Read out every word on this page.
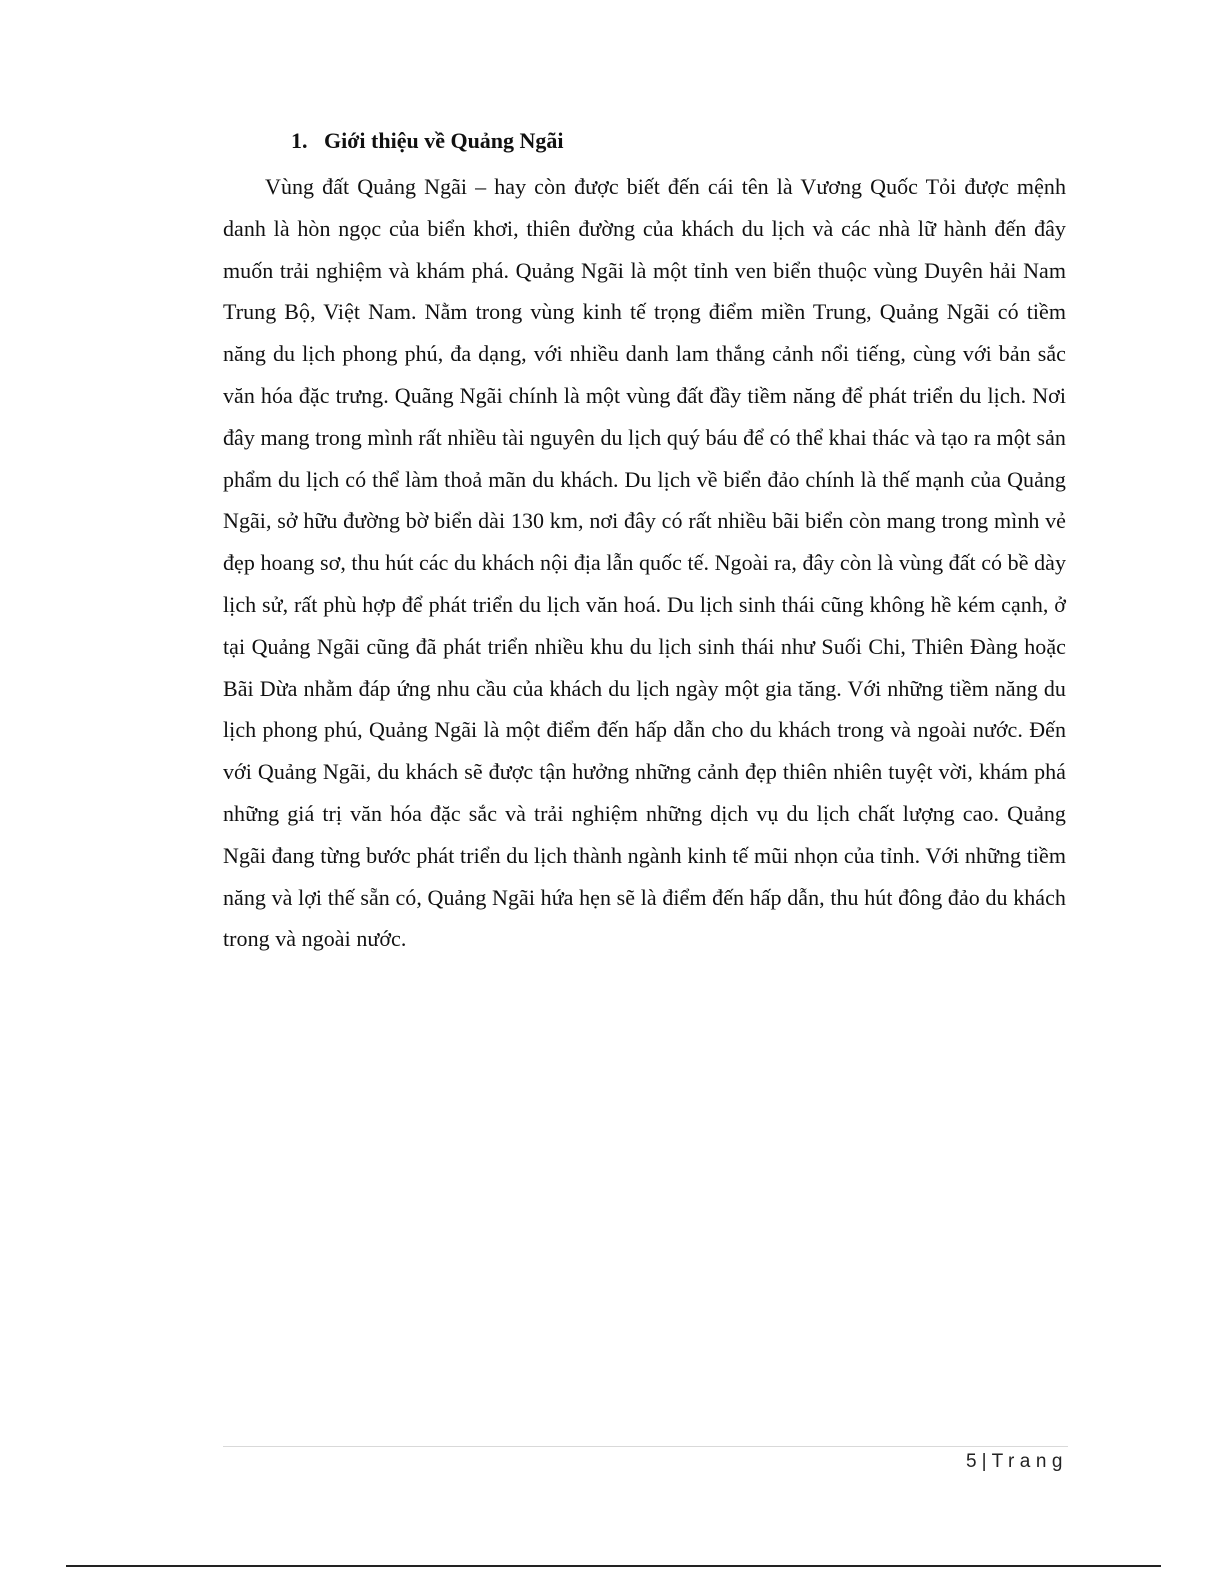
1. Giới thiệu về Quảng Ngãi

Vùng đất Quảng Ngãi – hay còn được biết đến cái tên là Vương Quốc Tỏi được mệnh danh là hòn ngọc của biển khơi, thiên đường của khách du lịch và các nhà lữ hành đến đây muốn trải nghiệm và khám phá. Quảng Ngãi là một tỉnh ven biển thuộc vùng Duyên hải Nam Trung Bộ, Việt Nam. Nằm trong vùng kinh tế trọng điểm miền Trung, Quảng Ngãi có tiềm năng du lịch phong phú, đa dạng, với nhiều danh lam thắng cảnh nổi tiếng, cùng với bản sắc văn hóa đặc trưng. Quãng Ngãi chính là một vùng đất đầy tiềm năng để phát triển du lịch. Nơi đây mang trong mình rất nhiều tài nguyên du lịch quý báu để có thể khai thác và tạo ra một sản phẩm du lịch có thể làm thoả mãn du khách. Du lịch về biển đảo chính là thế mạnh của Quảng Ngãi, sở hữu đường bờ biển dài 130 km, nơi đây có rất nhiều bãi biển còn mang trong mình vẻ đẹp hoang sơ, thu hút các du khách nội địa lẫn quốc tế. Ngoài ra, đây còn là vùng đất có bề dày lịch sử, rất phù hợp để phát triển du lịch văn hoá. Du lịch sinh thái cũng không hề kém cạnh, ở tại Quảng Ngãi cũng đã phát triển nhiều khu du lịch sinh thái như Suối Chi, Thiên Đàng hoặc Bãi Dừa nhằm đáp ứng nhu cầu của khách du lịch ngày một gia tăng. Với những tiềm năng du lịch phong phú, Quảng Ngãi là một điểm đến hấp dẫn cho du khách trong và ngoài nước. Đến với Quảng Ngãi, du khách sẽ được tận hưởng những cảnh đẹp thiên nhiên tuyệt vời, khám phá những giá trị văn hóa đặc sắc và trải nghiệm những dịch vụ du lịch chất lượng cao. Quảng Ngãi đang từng bước phát triển du lịch thành ngành kinh tế mũi nhọn của tỉnh. Với những tiềm năng và lợi thế sẵn có, Quảng Ngãi hứa hẹn sẽ là điểm đến hấp dẫn, thu hút đông đảo du khách trong và ngoài nước.

5 | Trang
